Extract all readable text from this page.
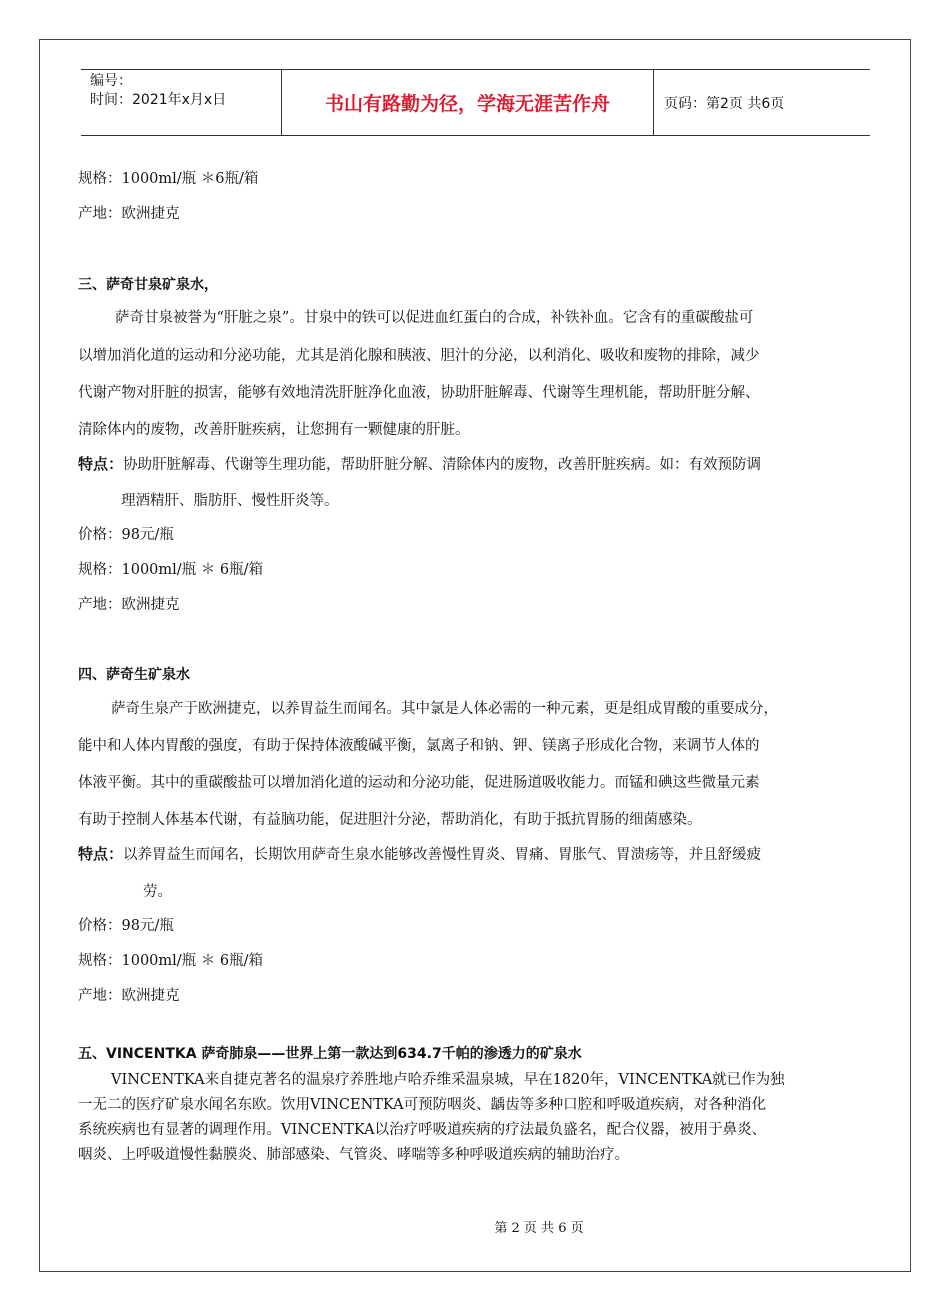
编号：
时间：2021年x月x日	书山有路勤为径，学海无涯苦作舟	页码：第2页 共6页
规格：1000ml/瓶 ＊6瓶/箱
产地：欧洲捷克
三、萨奇甘泉矿泉水，
萨奇甘泉被誉为“肝脏之泉”。甘泉中的铁可以促进血红蛋白的合成，补铁补血。它含有的重碳酸盐可
以增加消化道的运动和分泌功能，尤其是消化腺和胰液、胆汁的分泌，以利消化、吸收和废物的排除，减少
代谢产物对肝脏的损害，能够有效地清洗肝脏净化血液，协助肝脏解毒、代谢等生理机能，帮助肝脏分解、
清除体内的废物，改善肝脏疾病，让您拥有一颗健康的肝脏。
特点：协助肝脏解毒、代谢等生理功能，帮助肝脏分解、清除体内的废物，改善肝脏疾病。如：有效预防调
理酒精肝、脂肪肝、慢性肝炎等。
价格：98元/瓶
规格：1000ml/瓶 ＊ 6瓶/箱
产地：欧洲捷克
四、萨奇生矿泉水
萨奇生泉产于欧洲捷克，以养胃益生而闻名。其中氯是人体必需的一种元素，更是组成胃酸的重要成分，
能中和人体内胃酸的强度，有助于保持体液酸碱平衡，氯离子和钠、钾、镁离子形成化合物，来调节人体的
体液平衡。其中的重碳酸盐可以增加消化道的运动和分泌功能，促进肠道吸收能力。而锰和碘这些微量元素
有助于控制人体基本代谢，有益脑功能，促进胆汁分泌，帮助消化，有助于抵抗胃肠的细菌感染。
特点：以养胃益生而闻名，长期饮用萨奇生泉水能够改善慢性胃炎、胃痛、胃胀气、胃溃疡等，并且舒缓疲
劳。
价格：98元/瓶
规格：1000ml/瓶 ＊ 6瓶/箱
产地：欧洲捷克
五、VINCENTKA 萨奇肺泉——世界上第一款达到634.7千帕的渗透力的矿泉水
VINCENTKA来自捷克著名的温泉疗养胜地卢哈乔维采温泉城，早在1820年，VINCENTKA就已作为独
一无二的医疗矿泉水闻名东欧。饮用VINCENTKA可预防咽炎、龋齿等多种口腔和呼吸道疾病，对各种消化
系统疾病也有显著的调理作用。VINCENTKA以治疗呼吸道疾病的疗法最负盛名，配合仪器，被用于鼻炎、
咽炎、上呼吸道慢性黏膜炎、肺部感染、气管炎、哮喘等多种呼吸道疾病的辅助治疗。
第 2 页 共 6 页
